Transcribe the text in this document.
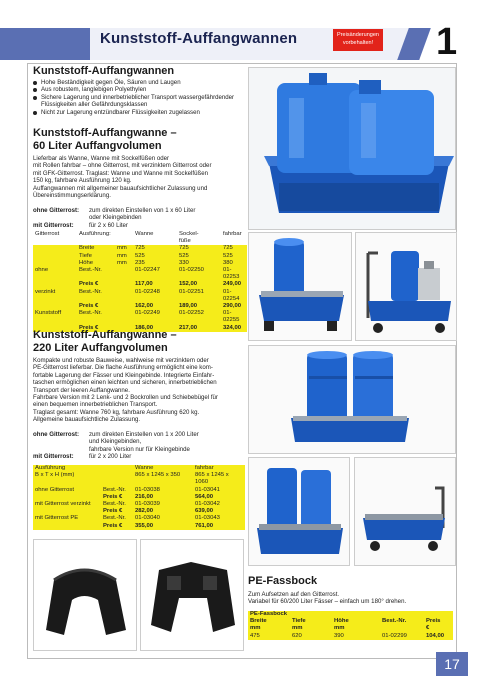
Kunststoff-Auffangwannen	Preisänderungen vorbehalten! 1
Kunststoff-Auffangwannen
Hohe Beständigkeit gegen Öle, Säuren und Laugen
Aus robustem, langlebigen Polyethylen
Sichere Lagerung und innerbetrieblicher Transport wassergefährdender Flüssigkeiten aller Gefährdungsklassen
Nicht zur Lagerung entzündbarer Flüssigkeiten zugelassen
Kunststoff-Auffangwanne –
60 Liter Auffangvolumen
Lieferbar als Wanne, Wanne mit Sockelfüßen oder
mit Rollen fahrbar – ohne Gitterrost, mit verzinktem Gitterrost oder
mit GFK-Gitterrost. Traglast: Wanne und Wanne mit Sockelfüßen
150 kg, fahrbare Ausführung 120 kg.
Auffangwannen mit allgemeiner bauaufsichtlicher Zulassung und
Übereinstimmungserklärung.
ohne Gitterrost: zum direkten Einstellen von 1 x 60 Liter
oder Kleingebinden
mit Gitterrost:	für 2 x 60 Liter
Gitterrost	Ausführung:		Wanne	Sockel-	fahrbar
				füße	
	Breite	mm	725	725	725
	Tiefe	mm	525	525	525
	Höhe	mm	235	330	380
ohne	Best.-Nr.		01-02247	01-02250	01-02253
	Preis €		117,00	152,00	249,00
verzinkt	Best.-Nr.		01-02248	01-02251	01-02254
	Preis €		162,00	189,00	290,00
Kunststoff	Best.-Nr.		01-02249	01-02252	01-02255
	Preis €		186,00	217,00	324,00
Kunststoff-Auffangwanne –
220 Liter Auffangvolumen
Kompakte und robuste Bauweise, wahlweise mit verzinktem oder
PE-Gitterrost lieferbar. Die flache Ausführung ermöglicht eine kom-
fortable Lagerung der Fässer und Kleingebinde. Integrierte Einfahr-
taschen ermöglichen einen leichten und sicheren, innerbetrieblichen
Transport der leeren Auffangwanne.
Fahrbare Version mit 2 Lenk- und 2 Bockrollen und Schiebebügel für
einen bequemen innerbetrieblichen Transport.
Traglast gesamt: Wanne 760 kg, fahrbare Ausführung 620 kg.
Allgemeine bauaufsichtliche Zulassung.
ohne Gitterrost: zum direkten Einstellen von 1 x 200 Liter
und Kleingebinden,
fahrbare Version nur für Kleingebinde
mit Gitterrost:	für 2 x 200 Liter
Ausführung		Wanne	fahrbar
B x T x H (mm)		865 x 1245 x 350	865 x 1245 x 1060
ohne Gitterrost	Best.-Nr.	01-03038	01-03041
	Preis €	216,00	564,00
mit Gitterrost verzinkt	Best.-Nr.	01-03039	01-03042
	Preis €	282,00	639,00
mit Gitterrost PE	Best.-Nr.	01-03040	01-03043
	Preis €	355,00	761,00
PE-Fassbock
Zum Aufsetzen auf den Gitterrost.
Variabel für 60/200 Liter Fässer – einfach um 180° drehen.
PE-Fassbock				
Breite	Tiefe	Höhe	Best.-Nr.	Preis
mm	mm	mm		€
475	620	390	01-02299	104,00
17
